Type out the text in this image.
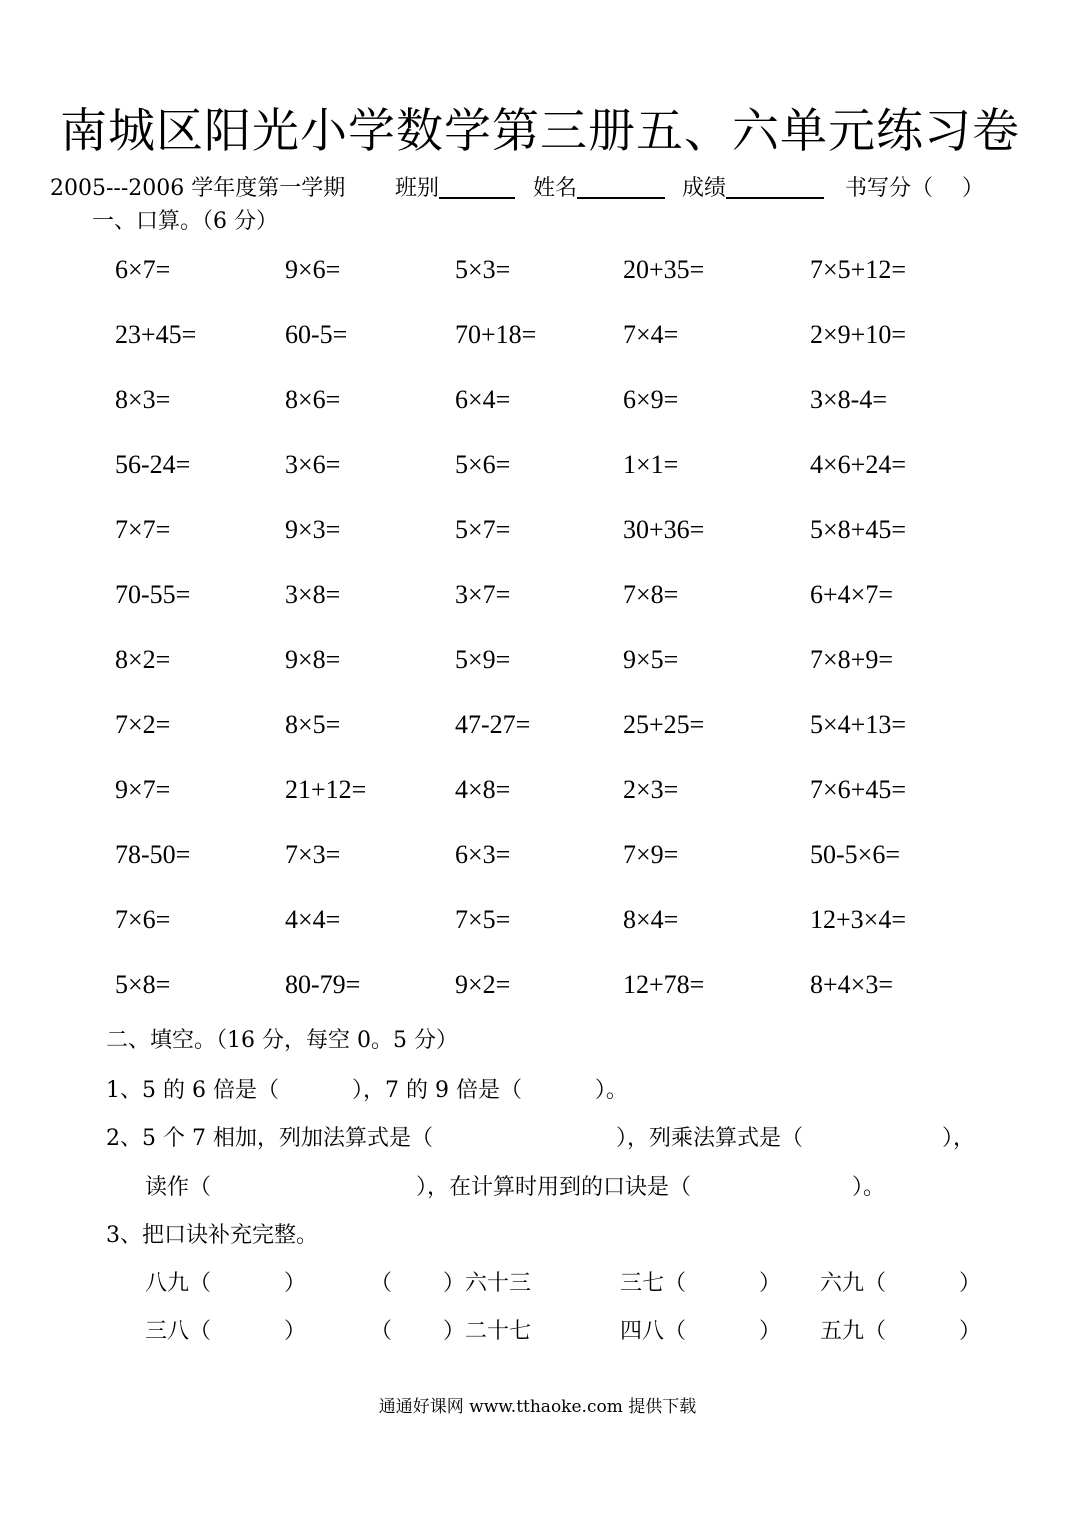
南城区阳光小学数学第三册五、六单元练习卷
2005---2006 学年度第一学期 班别	姓名	成绩	书写分（　 ）
一、口算。（6 分）
6×7=	9×6=	5×3=	20+35=	7×5+12=
23+45=	60-5=	70+18=	7×4=	2×9+10=
8×3=	8×6=	6×4=	6×9=	3×8-4=
56-24=	3×6=	5×6=	1×1=	4×6+24=
7×7=	9×3=	5×7=	30+36=	5×8+45=
70-55=	3×8=	3×7=	7×8=	6+4×7=
8×2=	9×8=	5×9=	9×5=	7×8+9=
7×2=	8×5=	47-27=	25+25=	5×4+13=
9×7=	21+12=	4×8=	2×3=	7×6+45=
78-50=	7×3=	6×3=	7×9=	50-5×6=
7×6=	4×4=	7×5=	8×4=	12+3×4=
5×8=	80-79=	9×2=	12+78=	8+4×3=
二、填空。（16 分，每空 0。5 分）
1、5 的 6 倍是（　　　 ），7 的 9 倍是（　　　 ）。
2、5 个 7 相加，列加法算式是（　　　　　　　　 ），列乘法算式是（　　　　　　 ），
读作（　　　　　　　　　 ），在计算时用到的口诀是（　　　　　　　 ）。
3、把口诀补充完整。
八九（　　　 ）	（　　 ）六十三	三七（　　　 ） 六九（　　　 ）
三八（　　　 ）	（　　 ）二十七	四八（　　　 ） 五九（　　　 ）
通通好课网 www.tthaoke.com 提供下载
